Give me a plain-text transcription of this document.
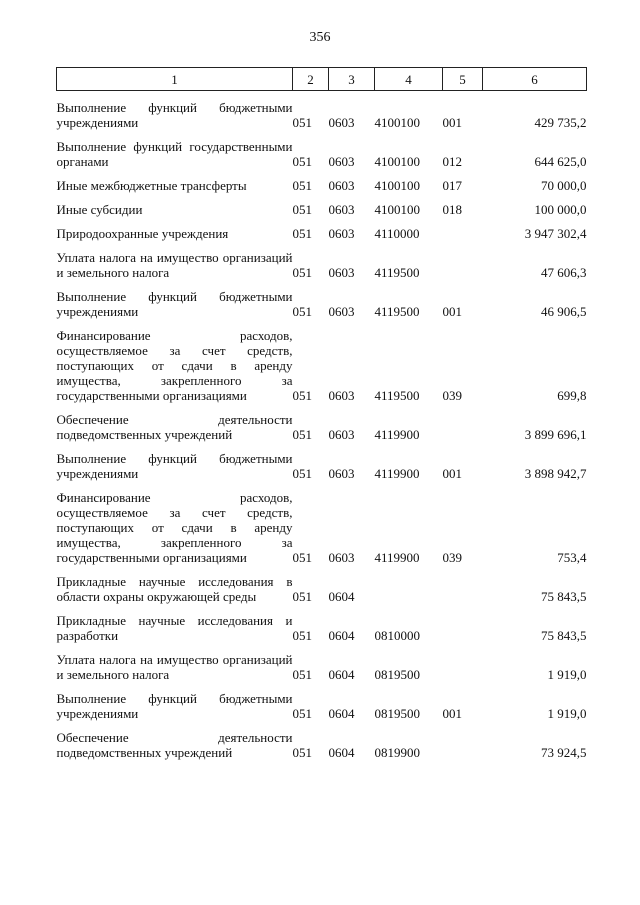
356
1	2	3	4	5	6

Выполнение функций бюджетными учреждениями	051	0603	4100100	001	429 735,2

Выполнение функций государственными органами	051	0603	4100100	012	644 625,0

Иные межбюджетные трансферты	051	0603	4100100	017	70 000,0

Иные субсидии	051	0603	4100100	018	100 000,0

Природоохранные учреждения	051	0603	4110000		3 947 302,4

Уплата налога на имущество организаций и земельного налога	051	0603	4119500		47 606,3

Выполнение функций бюджетными учреждениями	051	0603	4119500	001	46 906,5

Финансирование расходов, осуществляемое за счет средств, поступающих от сдачи в аренду имущества, закрепленного за государственными организациями	051	0603	4119500	039	699,8

Обеспечение деятельности подведомственных учреждений	051	0603	4119900		3 899 696,1

Выполнение функций бюджетными учреждениями	051	0603	4119900	001	3 898 942,7

Финансирование расходов, осуществляемое за счет средств, поступающих от сдачи в аренду имущества, закрепленного за государственными организациями	051	0603	4119900	039	753,4

Прикладные научные исследования в области охраны окружающей среды	051	0604			75 843,5

Прикладные научные исследования и разработки	051	0604	0810000		75 843,5

Уплата налога на имущество организаций и земельного налога	051	0604	0819500		1 919,0

Выполнение функций бюджетными учреждениями	051	0604	0819500	001	1 919,0

Обеспечение деятельности подведомственных учреждений	051	0604	0819900		73 924,5
